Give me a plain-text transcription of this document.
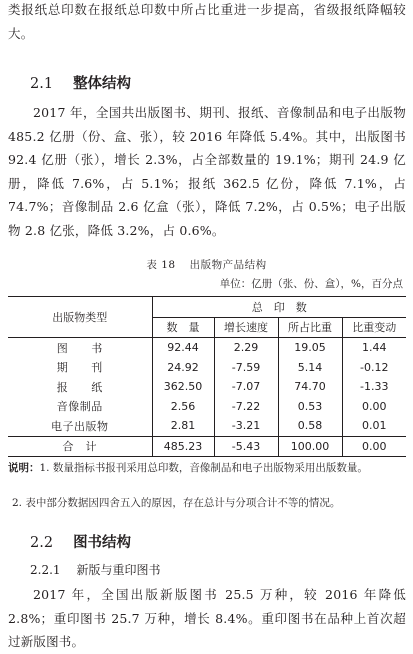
类报纸总印数在报纸总印数中所占比重进一步提高，省级报纸降幅较大。
2.1 整体结构
2017 年，全国共出版图书、期刊、报纸、音像制品和电子出版物 485.2 亿册（份、盒、张），较 2016 年降低 5.4%。其中，出版图书 92.4 亿册（张），增长 2.3%，占全部数量的 19.1%；期刊 24.9 亿册，降低 7.6%，占 5.1%；报纸 362.5 亿份，降低 7.1%，占 74.7%；音像制品 2.6 亿盒（张），降低 7.2%，占 0.5%；电子出版物 2.8 亿张，降低 3.2%，占 0.6%。
表 18 出版物产品结构
单位：亿册（张、份、盒），%，百分点
出版物类型	总　印　数			
	数　量	增长速度	所占比重	比重变动
图　　书	92.44	2.29	19.05	1.44
期　　刊	24.92	-7.59	5.14	-0.12
报　　纸	362.50	-7.07	74.70	-1.33
音像制品	2.56	-7.22	0.53	0.00
电子出版物	2.81	-3.21	0.58	0.01
合　计	485.23	-5.43	100.00	0.00
说明：1. 数量指标书报刊采用总印数，音像制品和电子出版物采用出版数量。
2. 表中部分数据因四舍五入的原因，存在总计与分项合计不等的情况。
2.2 图书结构
2.2.1 新版与重印图书
2017 年，全国出版新版图书 25.5 万种，较 2016 年降低 2.8%；重印图书 25.7 万种，增长 8.4%。重印图书在品种上首次超过新版图书。
